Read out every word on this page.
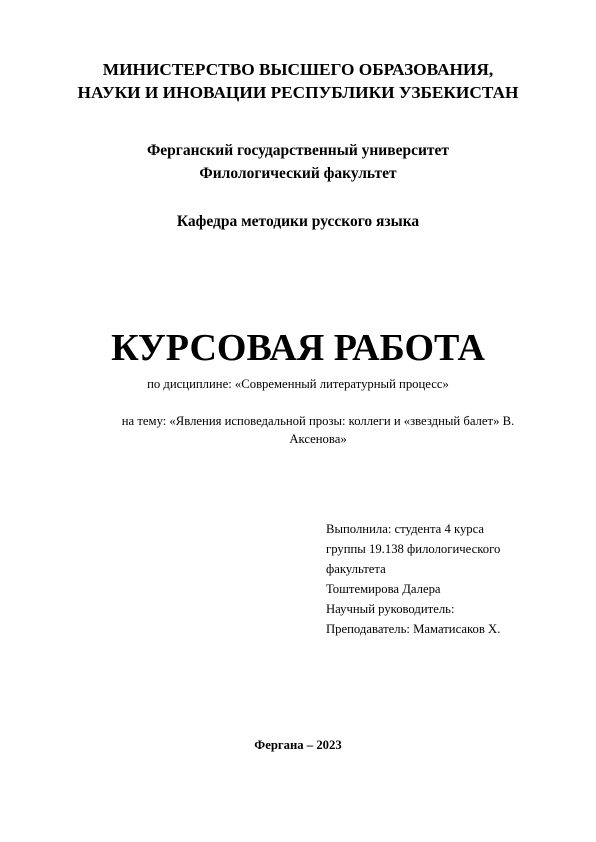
МИНИСТЕРСТВО ВЫСШЕГО ОБРАЗОВАНИЯ,
НАУКИ И ИНОВАЦИИ РЕСПУБЛИКИ УЗБЕКИСТАН
Ферганский государственный университет
Филологический факультет
Кафедра методики русского языка
КУРСОВАЯ РАБОТА
по дисциплине: «Современный литературный процесс»
на тему: «Явления исповедальной прозы: коллеги и «звездный балет» В. Аксенова»
Выполнила: студента 4 курса
группы 19.138 филологического
факультета
Тоштемирова Далера
Научный руководитель:
Преподаватель: Маматисаков Х.
Фергана – 2023
